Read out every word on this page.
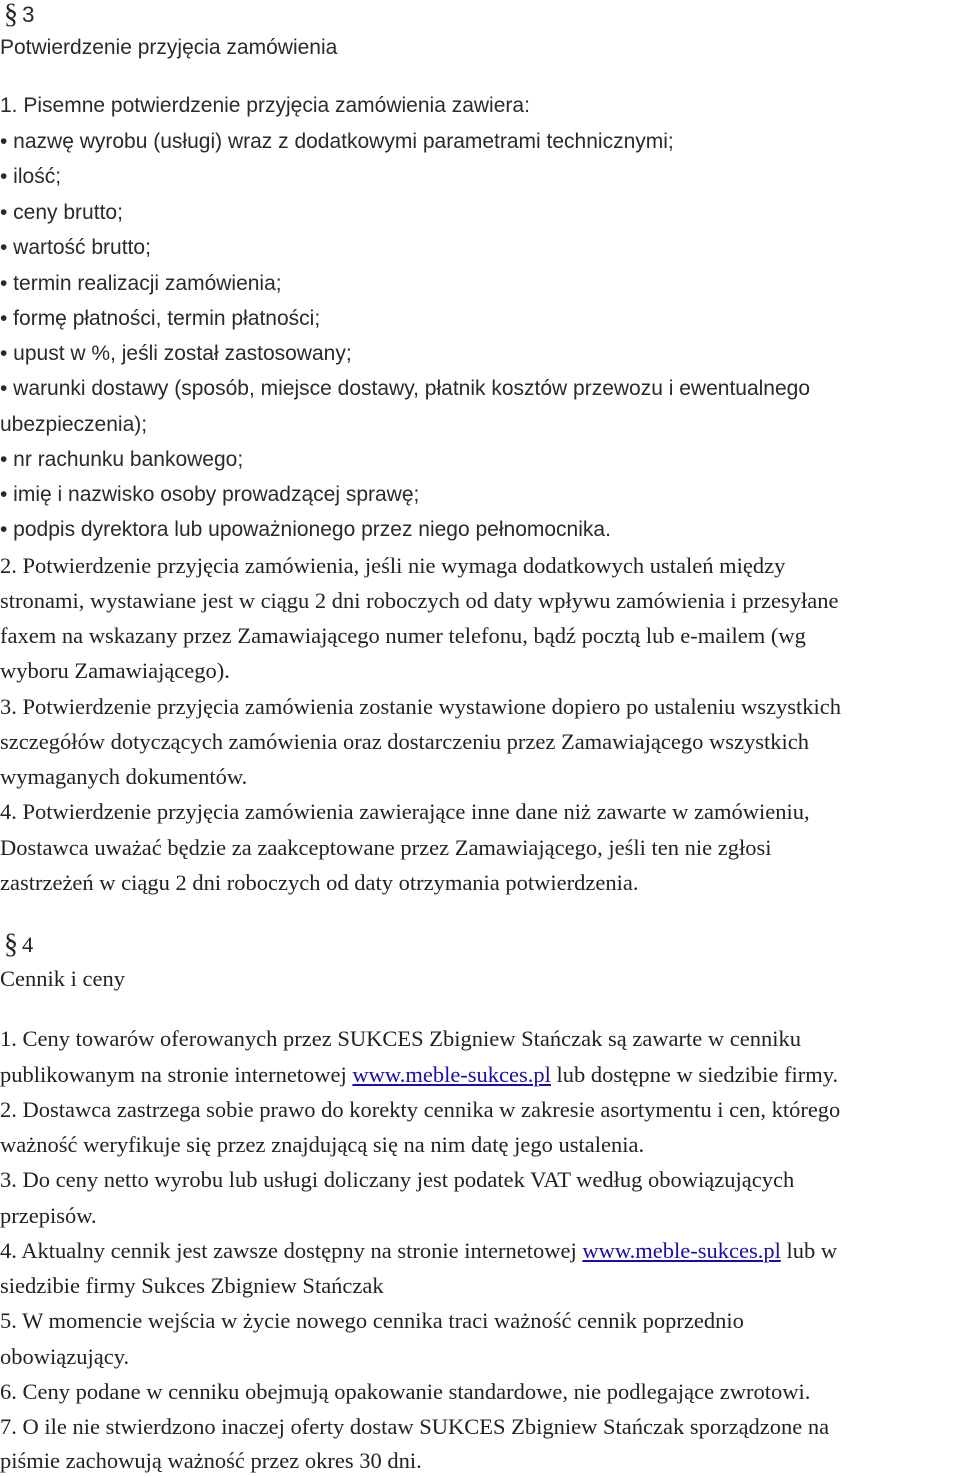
§ 3
Potwierdzenie przyjęcia zamówienia
1. Pisemne potwierdzenie przyjęcia zamówienia zawiera:
• nazwę wyrobu (usługi) wraz z dodatkowymi parametrami technicznymi;
• ilość;
• ceny brutto;
• wartość brutto;
• termin realizacji zamówienia;
• formę płatności, termin płatności;
• upust w %, jeśli został zastosowany;
• warunki dostawy (sposób, miejsce dostawy, płatnik kosztów przewozu i ewentualnego
ubezpieczenia);
• nr rachunku bankowego;
• imię i nazwisko osoby prowadzącej sprawę;
• podpis dyrektora lub upoważnionego przez niego pełnomocnika.
2. Potwierdzenie przyjęcia zamówienia, jeśli nie wymaga dodatkowych ustaleń między
stronami, wystawiane jest w ciągu 2 dni roboczych od daty wpływu zamówienia i przesyłane
faxem na wskazany przez Zamawiającego numer telefonu, bądź pocztą lub e-mailem (wg
wyboru Zamawiającego).
3. Potwierdzenie przyjęcia zamówienia zostanie wystawione dopiero po ustaleniu wszystkich
szczegółów dotyczących zamówienia oraz dostarczeniu przez Zamawiającego wszystkich
wymaganych dokumentów.
4. Potwierdzenie przyjęcia zamówienia zawierające inne dane niż zawarte w zamówieniu,
Dostawca uważać będzie za zaakceptowane przez Zamawiającego, jeśli ten nie zgłosi
zastrzeżeń w ciągu 2 dni roboczych od daty otrzymania potwierdzenia.
§ 4
Cennik i ceny
1. Ceny towarów oferowanych przez SUKCES Zbigniew Stańczak są zawarte w cenniku
publikowanym na stronie internetowej www.meble-sukces.pl lub dostępne w siedzibie firmy.
2. Dostawca zastrzega sobie prawo do korekty cennika w zakresie asortymentu i cen, którego
ważność weryfikuje się przez znajdującą się na nim datę jego ustalenia.
3. Do ceny netto wyrobu lub usługi doliczany jest podatek VAT według obowiązujących
przepisów.
4. Aktualny cennik jest zawsze dostępny na stronie internetowej www.meble-sukces.pl lub w
siedzibie firmy Sukces Zbigniew Stańczak
5. W momencie wejścia w życie nowego cennika traci ważność cennik poprzednio
obowiązujący.
6. Ceny podane w cenniku obejmują opakowanie standardowe, nie podlegające zwrotowi.
7. O ile nie stwierdzono inaczej oferty dostaw SUKCES Zbigniew Stańczak sporządzone na
piśmie zachowują ważność przez okres 30 dni.
